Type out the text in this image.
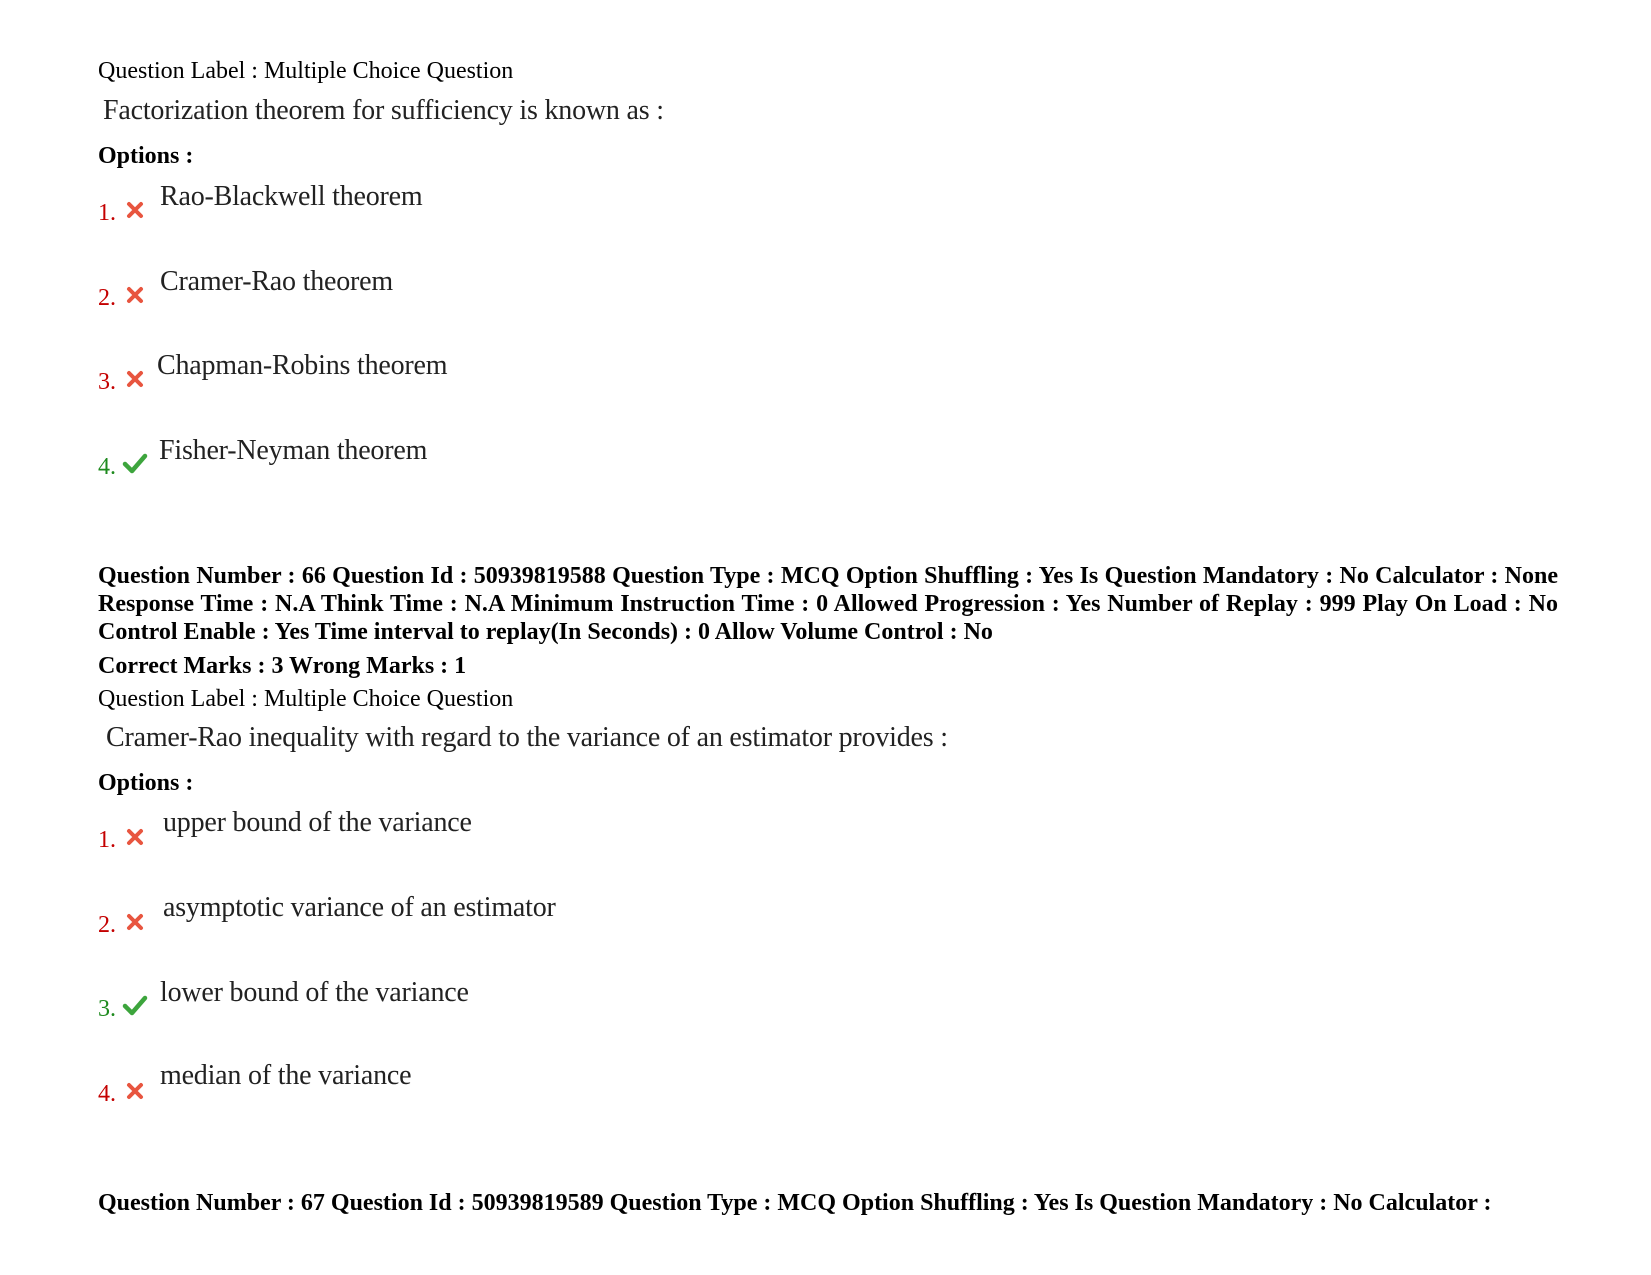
Question Label : Multiple Choice Question
Factorization theorem for sufficiency is known as :
Options :
1.
Rao-Blackwell theorem
2.
Cramer-Rao theorem
3.
Chapman-Robins theorem
4.
Fisher-Neyman theorem
Question Number : 66 Question Id : 50939819588 Question Type : MCQ Option Shuffling : Yes Is Question Mandatory : No Calculator : None Response Time : N.A Think Time : N.A Minimum Instruction Time : 0 Allowed Progression : Yes Number of Replay : 999 Play On Load : No Control Enable : Yes Time interval to replay(In Seconds) : 0 Allow Volume Control : No
Correct Marks : 3 Wrong Marks : 1
Question Label : Multiple Choice Question
Cramer-Rao inequality with regard to the variance of an estimator provides :
Options :
1.
upper bound of the variance
2.
asymptotic variance of an estimator
3.
lower bound of the variance
4.
median of the variance
Question Number : 67 Question Id : 50939819589 Question Type : MCQ Option Shuffling : Yes Is Question Mandatory : No Calculator :
